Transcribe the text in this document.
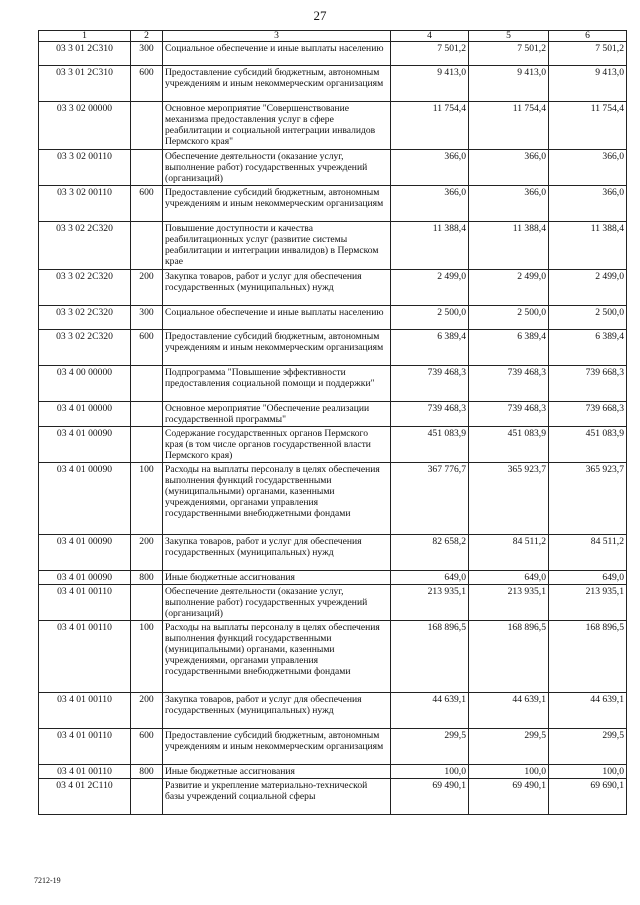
27
1	2	3	4	5	6
03 3 01 2C310	300	Социальное обеспечение и иные выплаты населению	7 501,2	7 501,2	7 501,2
03 3 01 2C310	600	Предоставление субсидий бюджетным, автономным учреждениям и иным некоммерческим организациям	9 413,0	9 413,0	9 413,0
03 3 02 00000		Основное мероприятие "Совершенствование механизма предоставления услуг в сфере реабилитации и социальной интеграции инвалидов Пермского края"	11 754,4	11 754,4	11 754,4
03 3 02 00110		Обеспечение деятельности (оказание услуг, выполнение работ) государственных учреждений (организаций)	366,0	366,0	366,0
03 3 02 00110	600	Предоставление субсидий бюджетным, автономным учреждениям и иным некоммерческим организациям	366,0	366,0	366,0
03 3 02 2C320		Повышение доступности и качества реабилитационных услуг (развитие системы реабилитации и интеграции инвалидов) в Пермском крае	11 388,4	11 388,4	11 388,4
03 3 02 2C320	200	Закупка товаров, работ и услуг для обеспечения государственных (муниципальных) нужд	2 499,0	2 499,0	2 499,0
03 3 02 2C320	300	Социальное обеспечение и иные выплаты населению	2 500,0	2 500,0	2 500,0
03 3 02 2C320	600	Предоставление субсидий бюджетным, автономным учреждениям и иным некоммерческим организациям	6 389,4	6 389,4	6 389,4
03 4 00 00000		Подпрограмма "Повышение эффективности предоставления социальной помощи и поддержки"	739 468,3	739 468,3	739 668,3
03 4 01 00000		Основное мероприятие "Обеспечение реализации государственной программы"	739 468,3	739 468,3	739 668,3
03 4 01 00090		Содержание государственных органов Пермского края (в том числе органов государственной власти Пермского края)	451 083,9	451 083,9	451 083,9
03 4 01 00090	100	Расходы на выплаты персоналу в целях обеспечения выполнения функций государственными (муниципальными) органами, казенными учреждениями, органами управления государственными внебюджетными фондами	367 776,7	365 923,7	365 923,7
03 4 01 00090	200	Закупка товаров, работ и услуг для обеспечения государственных (муниципальных) нужд	82 658,2	84 511,2	84 511,2
03 4 01 00090	800	Иные бюджетные ассигнования	649,0	649,0	649,0
03 4 01 00110		Обеспечение деятельности (оказание услуг, выполнение работ) государственных учреждений (организаций)	213 935,1	213 935,1	213 935,1
03 4 01 00110	100	Расходы на выплаты персоналу в целях обеспечения выполнения функций государственными (муниципальными) органами, казенными учреждениями, органами управления государственными внебюджетными фондами	168 896,5	168 896,5	168 896,5
03 4 01 00110	200	Закупка товаров, работ и услуг для обеспечения государственных (муниципальных) нужд	44 639,1	44 639,1	44 639,1
03 4 01 00110	600	Предоставление субсидий бюджетным, автономным учреждениям и иным некоммерческим организациям	299,5	299,5	299,5
03 4 01 00110	800	Иные бюджетные ассигнования	100,0	100,0	100,0
03 4 01 2C110		Развитие и укрепление материально-технической базы учреждений социальной сферы	69 490,1	69 490,1	69 690,1
7212-19
